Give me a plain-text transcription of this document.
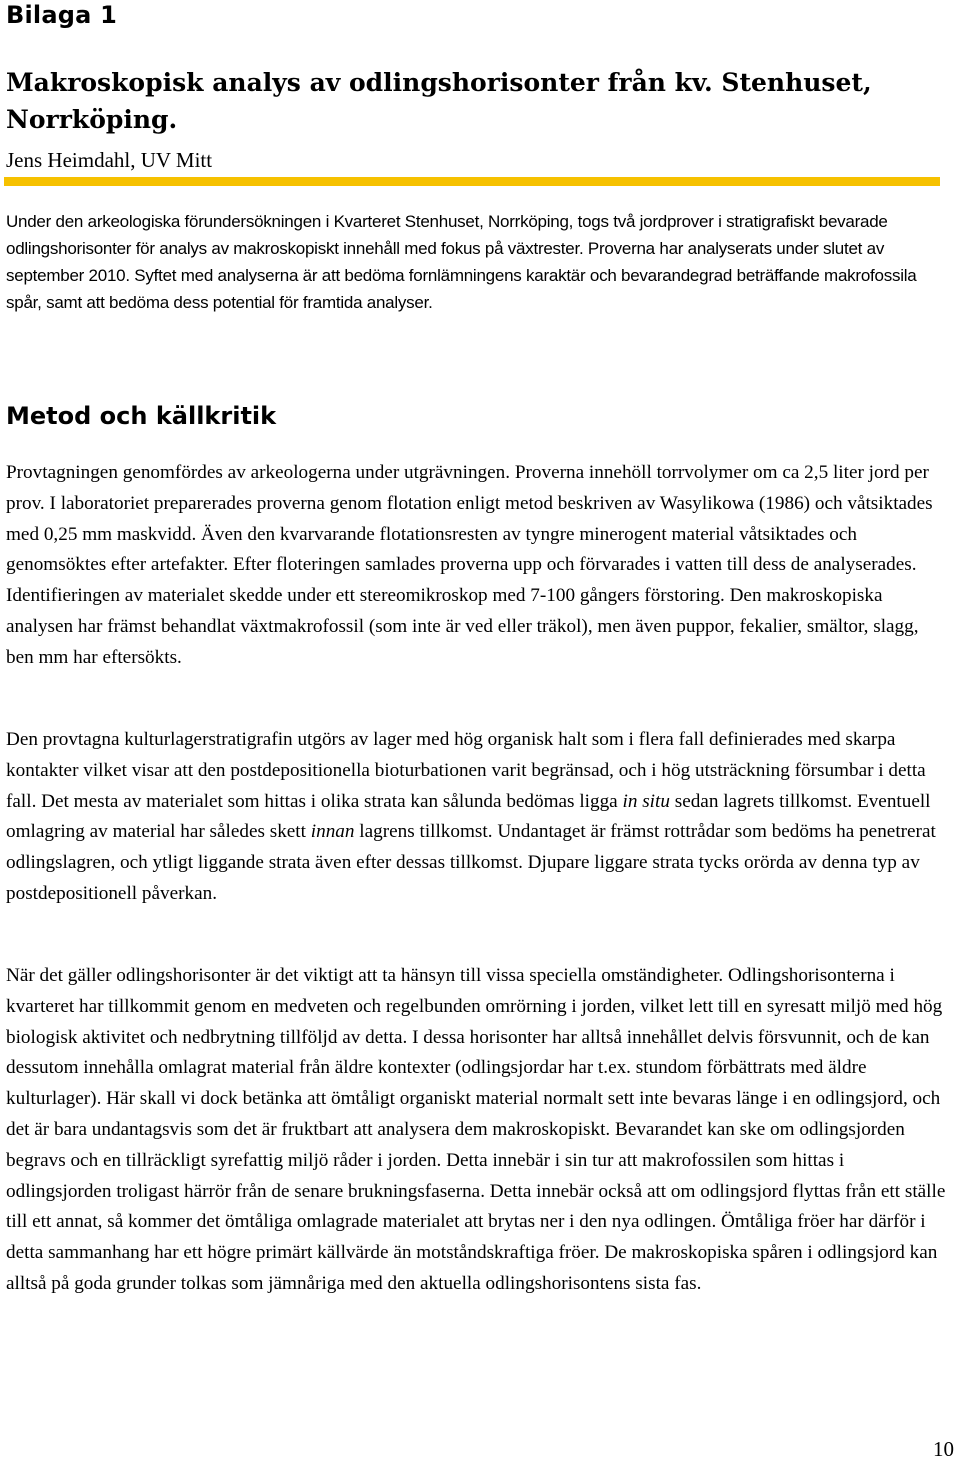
Bilaga 1
Makroskopisk analys av odlingshorisonter från kv. Stenhuset, Norrköping.

Jens Heimdahl, UV Mitt

Under den arkeologiska förundersökningen i Kvarteret Stenhuset, Norrköping, togs två jordprover i stratigrafiskt bevarade odlingshorisonter för analys av makroskopiskt innehåll med fokus på växtrester. Proverna har analyserats under slutet av september 2010. Syftet med analyserna är att bedöma fornlämningens karaktär och bevarandegrad beträffande makrofossila spår, samt att bedöma dess potential för framtida analyser.

Metod och källkritik

Provtagningen genomfördes av arkeologerna under utgrävningen. Proverna innehöll torrvolymer om ca 2,5 liter jord per prov. I laboratoriet preparerades proverna genom flotation enligt metod beskriven av Wasylikowa (1986) och våtsiktades med 0,25 mm maskvidd. Även den kvarvarande flotationsresten av tyngre minerogent material våtsiktades och genomsöktes efter artefakter. Efter floteringen samlades proverna upp och förvarades i vatten till dess de analyserades. Identifieringen av materialet skedde under ett stereomikroskop med 7-100 gångers förstoring. Den makroskopiska analysen har främst behandlat växtmakrofossil (som inte är ved eller träkol), men även puppor, fekalier, smältor, slagg, ben mm har eftersökts.

Den provtagna kulturlagerstratigrafin utgörs av lager med hög organisk halt som i flera fall definierades med skarpa kontakter vilket visar att den postdepositionella bioturbationen varit begränsad, och i hög utsträckning försumbar i detta fall. Det mesta av materialet som hittas i olika strata kan sålunda bedömas ligga in situ sedan lagrets tillkomst. Eventuell omlagring av material har således skett innan lagrens tillkomst. Undantaget är främst rottrådar som bedöms ha penetrerat odlingslagren, och ytligt liggande strata även efter dessas tillkomst. Djupare liggare strata tycks orörda av denna typ av postdepositionell påverkan.

När det gäller odlingshorisonter är det viktigt att ta hänsyn till vissa speciella omständigheter. Odlingshorisonterna i kvarteret har tillkommit genom en medveten och regelbunden omrörning i jorden, vilket lett till en syresatt miljö med hög biologisk aktivitet och nedbrytning tillföljd av detta. I dessa horisonter har alltså innehållet delvis försvunnit, och de kan dessutom innehålla omlagrat material från äldre kontexter (odlingsjordar har t.ex. stundom förbättrats med äldre kulturlager). Här skall vi dock betänka att ömtåligt organiskt material normalt sett inte bevaras länge i en odlingsjord, och det är bara undantagsvis som det är fruktbart att analysera dem makroskopiskt. Bevarandet kan ske om odlingsjorden begravs och en tillräckligt syrefattig miljö råder i jorden. Detta innebär i sin tur att makrofossilen som hittas i odlingsjorden troligast härrör från de senare brukningsfaserna. Detta innebär också att om odlingsjord flyttas från ett ställe till ett annat, så kommer det ömtåliga omlagrade materialet att brytas ner i den nya odlingen. Ömtåliga fröer har därför i detta sammanhang har ett högre primärt källvärde än motståndskraftiga fröer. De makroskopiska spåren i odlingsjord kan alltså på goda grunder tolkas som jämnåriga med den aktuella odlingshorisontens sista fas.

10
